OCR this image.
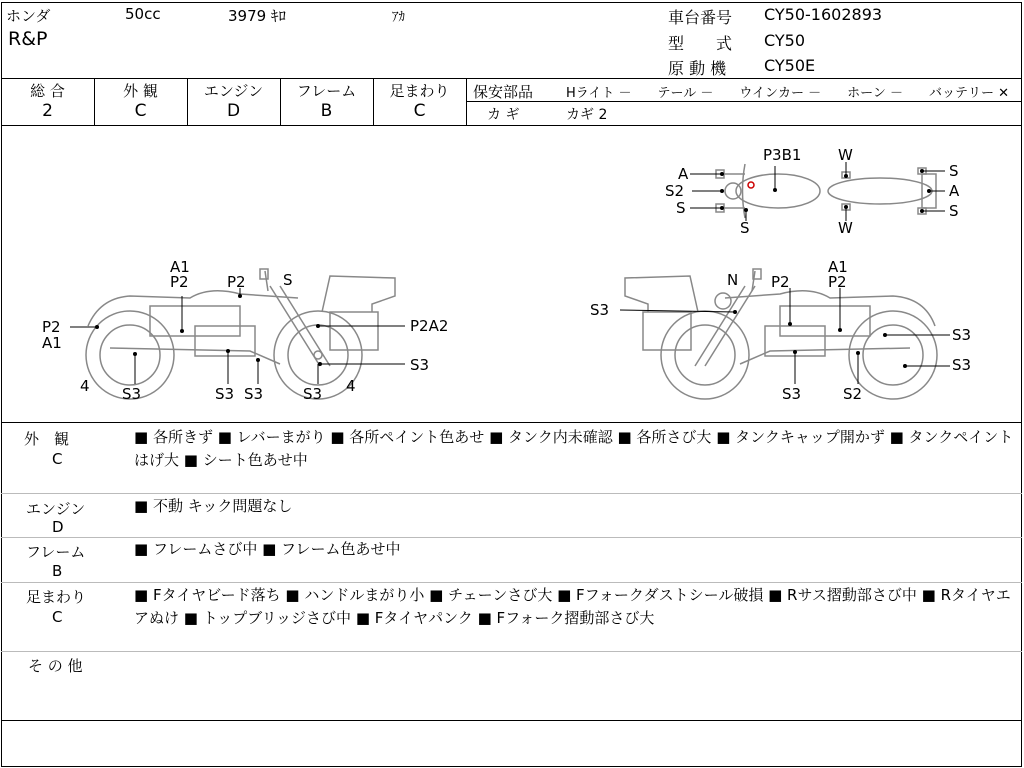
ホンダ	50cc	3979 ｷﾛ	ｱｶ
R&P
車台番号 CY50-1602893
型　　式 CY50
原 動 機 CY50E
総 合
2
外 観
C
エンジン
D
フレーム
B
足まわり
C
保安部品	Hライト －　　テール －　　ウインカー －　　ホーン －　　バッテリー ✕
カ ギ	カギ 2
A
S2
S
P3B1 W
S
A
S
S	W
A1
P2	P2 S
P2
A1
P2A2
S3
4 S3	S3 S3	S3 4
N P2
A1
P2
S3
S3
S3
S3	S2
外　観
C
■ 各所きず ■ レバーまがり ■ 各所ペイント色あせ ■ タンク内未確認 ■ 各所さび大 ■ タンクキャップ開かず ■ タンクペイントはげ大 ■ シート色あせ中
エンジン
D
■ 不動 キック問題なし
フレーム
B
■ フレームさび中 ■ フレーム色あせ中
足まわり
C
■ Fタイヤビード落ち ■ ハンドルまがり小 ■ チェーンさび大 ■ Fフォークダストシール破損 ■ Rサス摺動部さび中 ■ Rタイヤエアぬけ ■ トップブリッジさび中 ■ Fタイヤパンク ■ Fフォーク摺動部さび大
そ の 他
